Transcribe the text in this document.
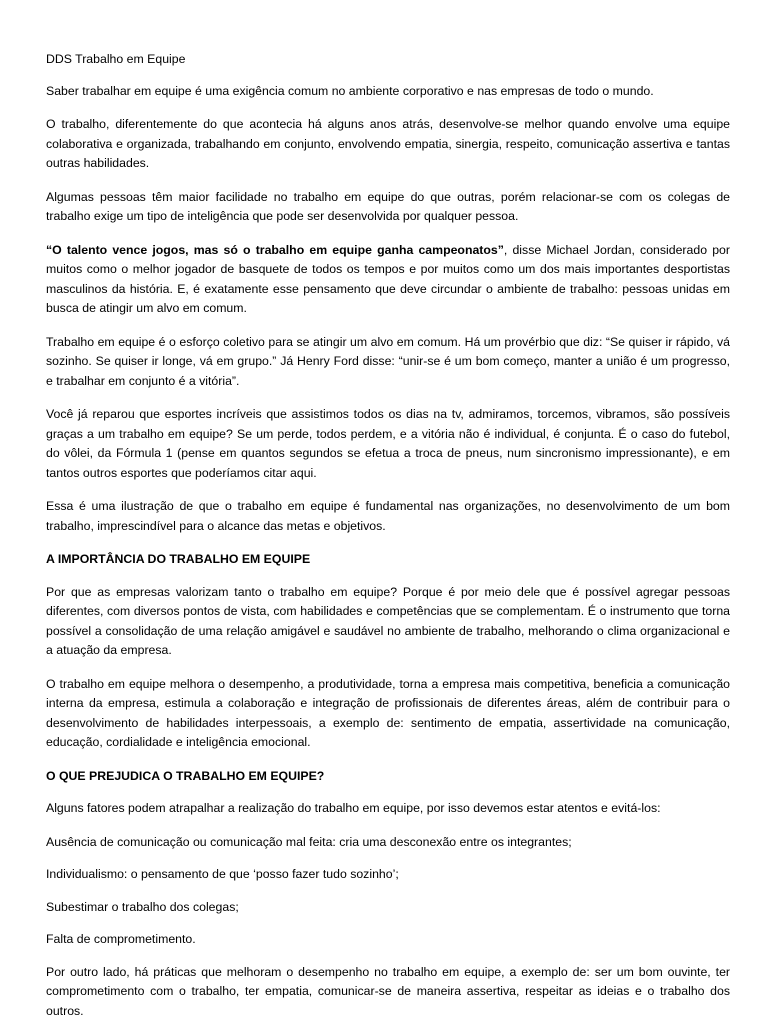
DDS Trabalho em Equipe

Saber trabalhar em equipe é uma exigência comum no ambiente corporativo e nas empresas de todo o mundo.

O trabalho, diferentemente do que acontecia há alguns anos atrás, desenvolve-se melhor quando envolve uma equipe colaborativa e organizada, trabalhando em conjunto, envolvendo empatia, sinergia, respeito, comunicação assertiva e tantas outras habilidades.

Algumas pessoas têm maior facilidade no trabalho em equipe do que outras, porém relacionar-se com os colegas de trabalho exige um tipo de inteligência que pode ser desenvolvida por qualquer pessoa.

“O talento vence jogos, mas só o trabalho em equipe ganha campeonatos”, disse Michael Jordan, considerado por muitos como o melhor jogador de basquete de todos os tempos e por muitos como um dos mais importantes desportistas masculinos da história. E, é exatamente esse pensamento que deve circundar o ambiente de trabalho: pessoas unidas em busca de atingir um alvo em comum.

Trabalho em equipe é o esforço coletivo para se atingir um alvo em comum. Há um provérbio que diz: “Se quiser ir rápido, vá sozinho. Se quiser ir longe, vá em grupo.” Já Henry Ford disse: “unir-se é um bom começo, manter a união é um progresso, e trabalhar em conjunto é a vitória”.

Você já reparou que esportes incríveis que assistimos todos os dias na tv, admiramos, torcemos, vibramos, são possíveis graças a um trabalho em equipe? Se um perde, todos perdem, e a vitória não é individual, é conjunta. É o caso do futebol, do vôlei, da Fórmula 1 (pense em quantos segundos se efetua a troca de pneus, num sincronismo impressionante), e em tantos outros esportes que poderíamos citar aqui.

Essa é uma ilustração de que o trabalho em equipe é fundamental nas organizações, no desenvolvimento de um bom trabalho, imprescindível para o alcance das metas e objetivos.

A IMPORTÂNCIA DO TRABALHO EM EQUIPE

Por que as empresas valorizam tanto o trabalho em equipe? Porque é por meio dele que é possível agregar pessoas diferentes, com diversos pontos de vista, com habilidades e competências que se complementam. É o instrumento que torna possível a consolidação de uma relação amigável e saudável no ambiente de trabalho, melhorando o clima organizacional e a atuação da empresa.

O trabalho em equipe melhora o desempenho, a produtividade, torna a empresa mais competitiva, beneficia a comunicação interna da empresa, estimula a colaboração e integração de profissionais de diferentes áreas, além de contribuir para o desenvolvimento de habilidades interpessoais, a exemplo de: sentimento de empatia, assertividade na comunicação, educação, cordialidade e inteligência emocional.

O QUE PREJUDICA O TRABALHO EM EQUIPE?

Alguns fatores podem atrapalhar a realização do trabalho em equipe, por isso devemos estar atentos e evitá-los:

Ausência de comunicação ou comunicação mal feita: cria uma desconexão entre os integrantes;

Individualismo: o pensamento de que ‘posso fazer tudo sozinho’;

Subestimar o trabalho dos colegas;

Falta de comprometimento.

Por outro lado, há práticas que melhoram o desempenho no trabalho em equipe, a exemplo de: ser um bom ouvinte, ter comprometimento com o trabalho, ter empatia, comunicar-se de maneira assertiva, respeitar as ideias e o trabalho dos outros.
